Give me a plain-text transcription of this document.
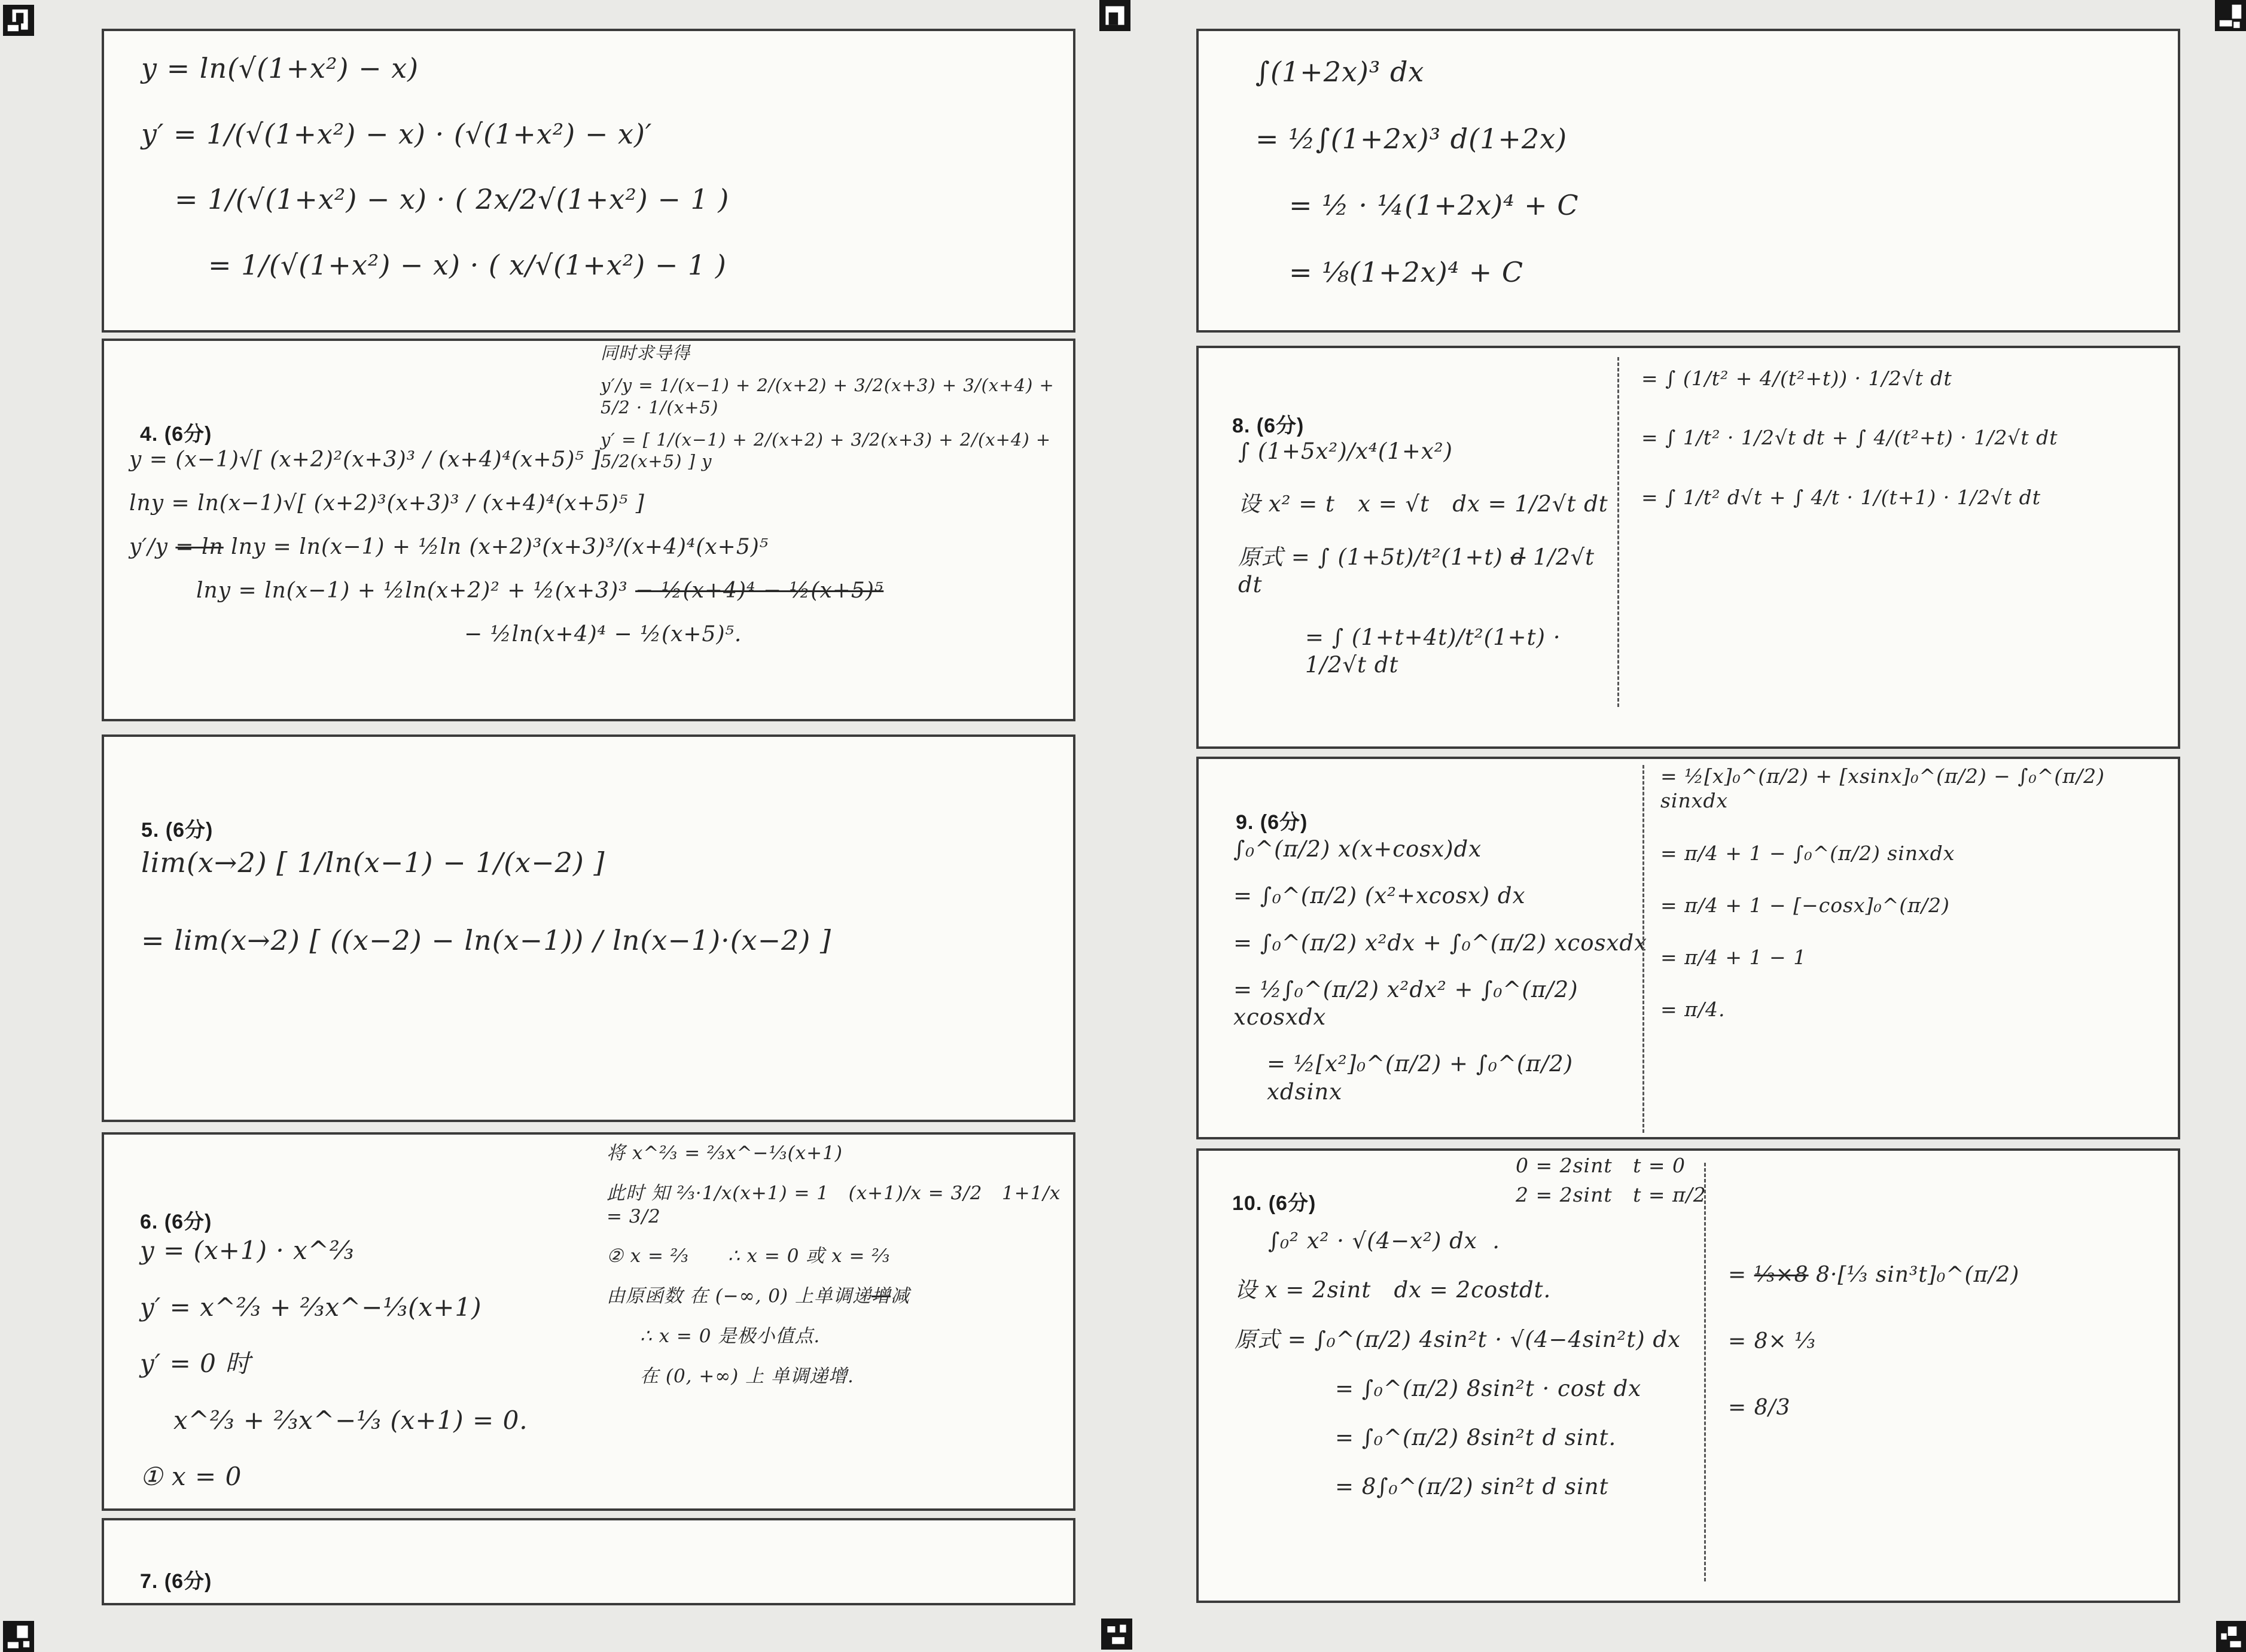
y = ln(√(1+x²) − x)
y′ = 1/(√(1+x²) − x) · (√(1+x²) − x)′
= 1/(√(1+x²) − x) · ( 2x/2√(1+x²) − 1 )
= 1/(√(1+x²) − x) · ( x/√(1+x²) − 1 )
4. (6分)
y = (x−1)√[ (x+2)²(x+3)³ / (x+4)⁴(x+5)⁵ ]
lny = ln(x−1)√[ (x+2)³(x+3)³ / (x+4)⁴(x+5)⁵ ]
y′/y = ln lny = ln(x−1) + ½ln (x+2)³(x+3)³/(x+4)⁴(x+5)⁵
lny = ln(x−1) + ½ln(x+2)² + ½(x+3)³ − ½(x+4)⁴ − ½(x+5)⁵
− ½ln(x+4)⁴ − ½(x+5)⁵.
同时求导得
y′/y = 1/(x−1) + 2/(x+2) + 3/2(x+3) + 3/(x+4) + 5/2 · 1/(x+5)
y′ = [ 1/(x−1) + 2/(x+2) + 3/2(x+3) + 2/(x+4) + 5/2(x+5) ] y
5. (6分)
lim(x→2) [ 1/ln(x−1) − 1/(x−2) ]
= lim(x→2) [ ((x−2) − ln(x−1)) / ln(x−1)·(x−2) ]
6. (6分)
y = (x+1) · x^⅔
y′ = x^⅔ + ⅔x^−⅓(x+1)
y′ = 0 时
x^⅔ + ⅔x^−⅓ (x+1) = 0.
① x = 0
将 x^⅔ = ⅔x^−⅓(x+1)
此时 知 ⅔·1/x(x+1) = 1   (x+1)/x = 3/2   1+1/x = 3/2
② x = ⅔      ∴ x = 0 或 x = ⅔
由原函数 在 (−∞, 0) 上单调递增减
∴ x = 0 是极小值点.
在 (0, +∞) 上 单调递增.
7. (6分)
∫(1+2x)³ dx
= ½∫(1+2x)³ d(1+2x)
= ½ · ¼(1+2x)⁴ + C
= ⅛(1+2x)⁴ + C
8. (6分)
∫ (1+5x²)/x⁴(1+x²)
设 x² = t   x = √t   dx = 1/2√t dt
原式 = ∫ (1+5t)/t²(1+t) d 1/2√t dt
= ∫ (1+t+4t)/t²(1+t) · 1/2√t dt
= ∫ (1/t² + 4/(t²+t)) · 1/2√t dt
= ∫ 1/t² · 1/2√t dt + ∫ 4/(t²+t) · 1/2√t dt
= ∫ 1/t² d√t + ∫ 4/t · 1/(t+1) · 1/2√t dt
9. (6分)
∫₀^(π/2) x(x+cosx)dx
= ∫₀^(π/2) (x²+xcosx) dx
= ∫₀^(π/2) x²dx + ∫₀^(π/2) xcosxdx
= ½∫₀^(π/2) x²dx² + ∫₀^(π/2) xcosxdx
= ½[x²]₀^(π/2) + ∫₀^(π/2) xdsinx
= ½[x]₀^(π/2) + [xsinx]₀^(π/2) − ∫₀^(π/2) sinxdx
= π/4 + 1 − ∫₀^(π/2) sinxdx
= π/4 + 1 − [−cosx]₀^(π/2)
= π/4 + 1 − 1
= π/4.
10. (6分)
0 = 2sint   t = 0
2 = 2sint   t = π/2
∫₀² x² · √(4−x²) dx  .
设 x = 2sint   dx = 2costdt.
原式 = ∫₀^(π/2) 4sin²t · √(4−4sin²t) dx
= ∫₀^(π/2) 8sin²t · cost dx
= ∫₀^(π/2) 8sin²t d sint.
= 8∫₀^(π/2) sin²t d sint
= ⅓×8 8·[⅓ sin³t]₀^(π/2)
= 8× ⅓
= 8/3
